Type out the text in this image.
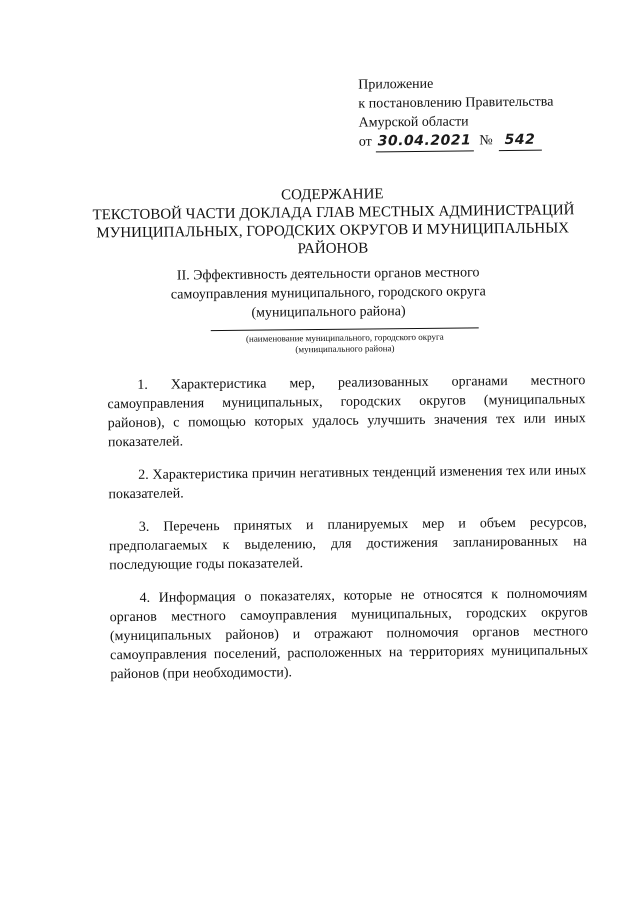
Приложение
к постановлению Правительства
Амурской области
от 30.04.2021 № 542
СОДЕРЖАНИЕ
ТЕКСТОВОЙ ЧАСТИ ДОКЛАДА ГЛАВ МЕСТНЫХ АДМИНИСТРАЦИЙ
МУНИЦИПАЛЬНЫХ, ГОРОДСКИХ ОКРУГОВ И МУНИЦИПАЛЬНЫХ
РАЙОНОВ
II. Эффективность деятельности органов местного
самоуправления муниципального, городского округа
(муниципального района)
(наименование муниципального, городского округа
(муниципального района)

1. Характеристика мер, реализованных органами местного самоуправления муниципальных, городских округов (муниципальных районов), с помощью которых удалось улучшить значения тех или иных показателей.

2. Характеристика причин негативных тенденций изменения тех или иных показателей.

3. Перечень принятых и планируемых мер и объем ресурсов, предполагаемых к выделению, для достижения запланированных на последующие годы показателей.

4. Информация о показателях, которые не относятся к полномочиям органов местного самоуправления муниципальных, городских округов (муниципальных районов) и отражают полномочия органов местного самоуправления поселений, расположенных на территориях муниципальных районов (при необходимости).
